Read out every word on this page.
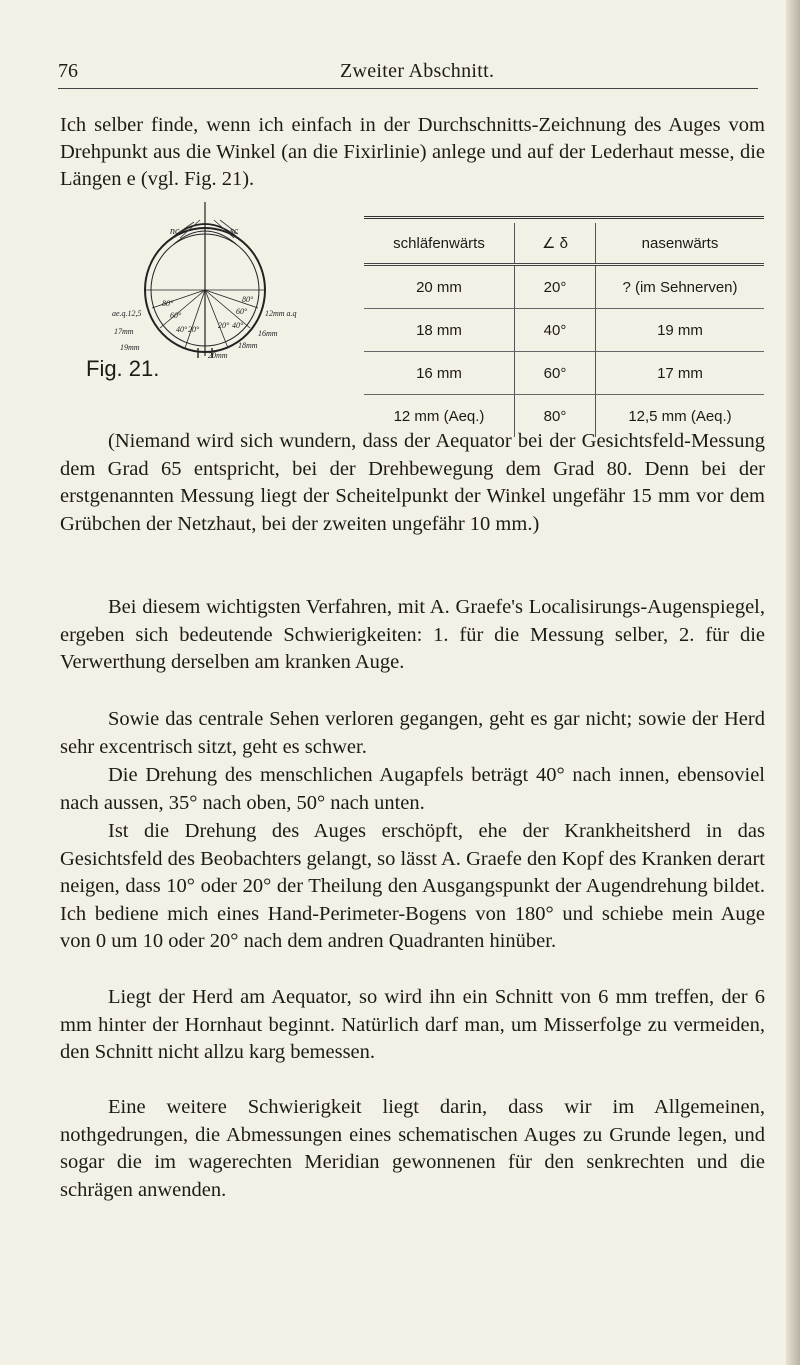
76	Zweiter Abschnitt.

Ich selber finde, wenn ich einfach in der Durchschnitts-Zeichnung des Auges vom Drehpunkt aus die Winkel (an die Fixirlinie) anlege und auf der Lederhaut messe, die Längen e (vgl. Fig. 21).

nc	sc
ae.q.12,5	12mm a.q
17mm
19mm
16mm
18mm
20mm
80°
60°
40° 20°
80°
60°
40°
20°
Fig. 21.
schläfenwärts	∠ δ	nasenwärts
20 mm	20°	? (im Sehnerven)
18 mm	40°	19 mm
16 mm	60°	17 mm
12 mm (Aeq.)	80°	12,5 mm (Aeq.)

(Niemand wird sich wundern, dass der Aequator bei der Gesichtsfeld-Messung dem Grad 65 entspricht, bei der Drehbewegung dem Grad 80. Denn bei der erstgenannten Messung liegt der Scheitelpunkt der Winkel ungefähr 15 mm vor dem Grübchen der Netzhaut, bei der zweiten ungefähr 10 mm.)

Bei diesem wichtigsten Verfahren, mit A. Graefe's Localisirungs-Augenspiegel, ergeben sich bedeutende Schwierigkeiten: 1. für die Messung selber, 2. für die Verwerthung derselben am kranken Auge.

Sowie das centrale Sehen verloren gegangen, geht es gar nicht; sowie der Herd sehr excentrisch sitzt, geht es schwer.

Die Drehung des menschlichen Augapfels beträgt 40° nach innen, ebensoviel nach aussen, 35° nach oben, 50° nach unten.

Ist die Drehung des Auges erschöpft, ehe der Krankheitsherd in das Gesichtsfeld des Beobachters gelangt, so lässt A. Graefe den Kopf des Kranken derart neigen, dass 10° oder 20° der Theilung den Ausgangspunkt der Augendrehung bildet. Ich bediene mich eines Hand-Perimeter-Bogens von 180° und schiebe mein Auge von 0 um 10 oder 20° nach dem andren Quadranten hinüber.

Liegt der Herd am Aequator, so wird ihn ein Schnitt von 6 mm treffen, der 6 mm hinter der Hornhaut beginnt. Natürlich darf man, um Misserfolge zu vermeiden, den Schnitt nicht allzu karg bemessen.

Eine weitere Schwierigkeit liegt darin, dass wir im Allgemeinen, nothgedrungen, die Abmessungen eines schematischen Auges zu Grunde legen, und sogar die im wagerechten Meridian gewonnenen für den senkrechten und die schrägen anwenden.
